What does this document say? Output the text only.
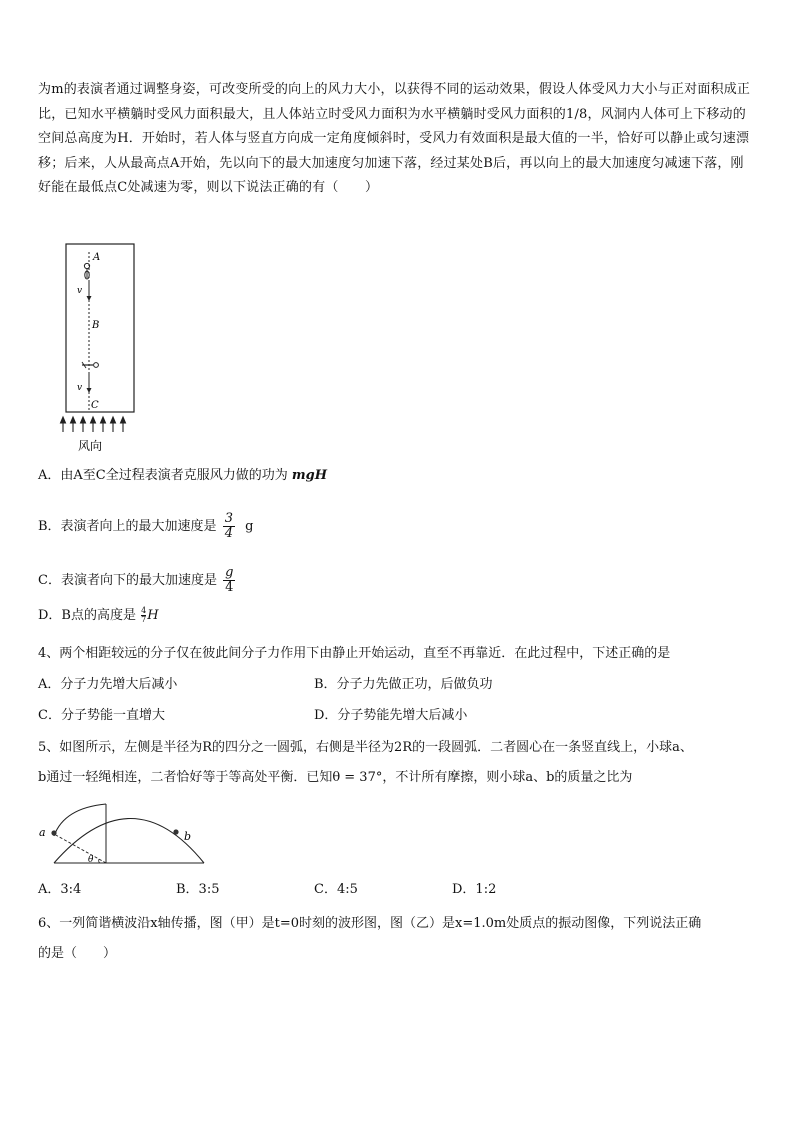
为m的表演者通过调整身姿，可改变所受的向上的风力大小，以获得不同的运动效果，假设人体受风力大小与正对面积成正比，已知水平横躺时受风力面积最大，且人体站立时受风力面积为水平横躺时受风力面积的1/8，风洞内人体可上下移动的空间总高度为H．开始时，若人体与竖直方向成一定角度倾斜时，受风力有效面积是最大值的一半，恰好可以静止或匀速漂移；后来，人从最高点A开始，先以向下的最大加速度匀加速下落，经过某处B后，再以向上的最大加速度匀减速下落，刚好能在最低点C处减速为零，则以下说法正确的有（　　）
A
v
B
v
C
风向
A．由A至C全过程表演者克服风力做的功为 mgH
B．表演者向上的最大加速度是 $\frac{3}{4}$ g
C．表演者向下的最大加速度是 $\frac{g}{4}$
D．B点的高度是 $\frac{4}{7}$ H
4、两个相距较远的分子仅在彼此间分子力作用下由静止开始运动，直至不再靠近．在此过程中，下述正确的是
A．分子力先增大后减小	B．分子力先做正功，后做负功
C．分子势能一直增大	D．分子势能先增大后减小
5、如图所示，左侧是半径为R的四分之一圆弧，右侧是半径为2R的一段圆弧．二者圆心在一条竖直线上，小球a、
b通过一轻绳相连，二者恰好等于等高处平衡．已知θ = 37°，不计所有摩擦，则小球a、b的质量之比为
a	b
θ
A．3:4	B．3:5	C．4:5	D．1:2
6、一列简谐横波沿x轴传播，图（甲）是t=0时刻的波形图，图（乙）是x=1.0m处质点的振动图像，下列说法正确
的是（　　）
